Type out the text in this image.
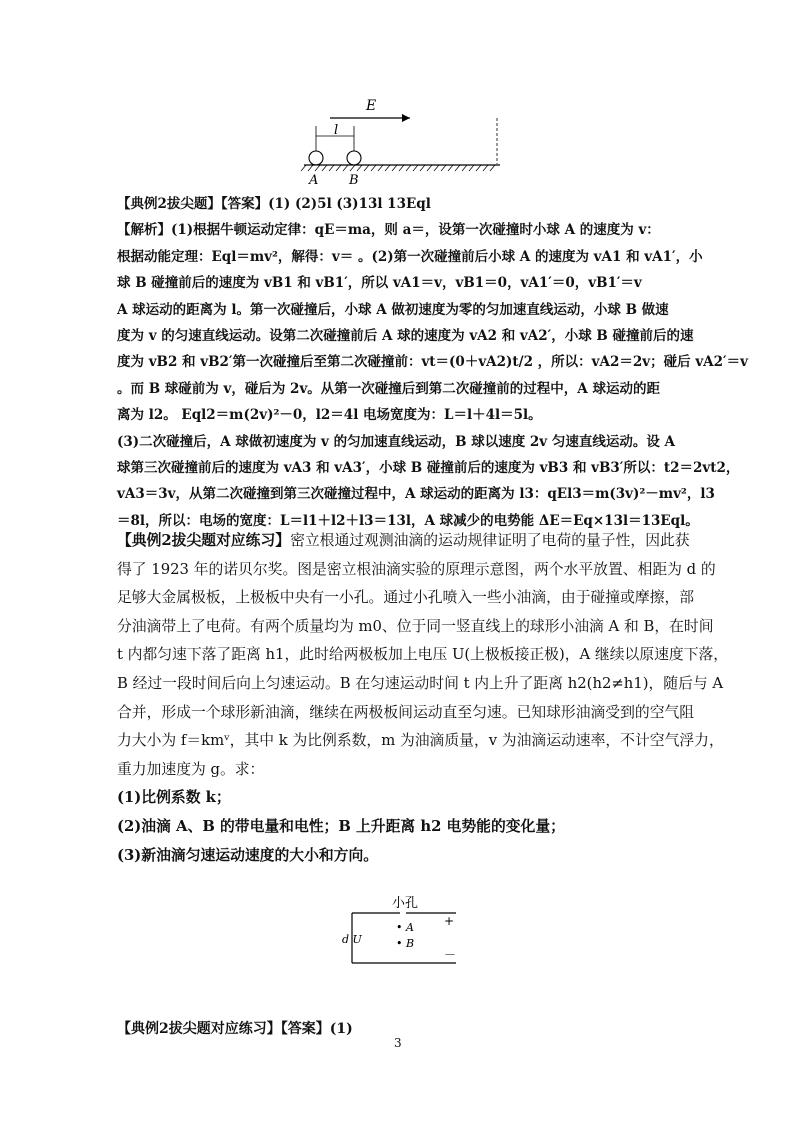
E
l
A B

【典例2拔尖题】【答案】(1) (2)5l (3)13l 13Eql

【解析】(1)根据牛顿运动定律：qE＝ma，则 a＝，设第一次碰撞时小球 A 的速度为 v：

根据动能定理：Eql＝mv²，解得：v＝ 。(2)第一次碰撞前后小球 A 的速度为 vA1 和 vA1′，小

球 B 碰撞前后的速度为 vB1 和 vB1′，所以 vA1＝v，vB1＝0，vA1′＝0，vB1′＝v

A 球运动的距离为 l。第一次碰撞后，小球 A 做初速度为零的匀加速直线运动，小球 B 做速

度为 v 的匀速直线运动。设第二次碰撞前后 A 球的速度为 vA2 和 vA2′，小球 B 碰撞前后的速

度为 vB2 和 vB2′第一次碰撞后至第二次碰撞前：vt＝(0＋vA2)t/2 ，所以：vA2＝2v；碰后 vA2′＝v

。而 B 球碰前为 v，碰后为 2v。从第一次碰撞后到第二次碰撞前的过程中，A 球运动的距

离为 l2。 Eql2＝m(2v)²－0，l2＝4l 电场宽度为：L＝l＋4l＝5l。

(3)二次碰撞后，A 球做初速度为 v 的匀加速直线运动，B 球以速度 2v 匀速直线运动。设 A

球第三次碰撞前后的速度为 vA3 和 vA3′，小球 B 碰撞前后的速度为 vB3 和 vB3′所以：t2＝2vt2，

vA3＝3v，从第二次碰撞到第三次碰撞过程中，A 球运动的距离为 l3：qEl3＝m(3v)²－mv²，l3

＝8l，所以：电场的宽度：L＝l1＋l2＋l3＝13l，A 球减少的电势能 ΔE＝Eq×13l＝13Eql。

【典例2拔尖题对应练习】密立根通过观测油滴的运动规律证明了电荷的量子性，因此获

得了 1923 年的诺贝尔奖。图是密立根油滴实验的原理示意图，两个水平放置、相距为 d 的

足够大金属极板，上极板中央有一小孔。通过小孔喷入一些小油滴，由于碰撞或摩擦，部

分油滴带上了电荷。有两个质量均为 m0、位于同一竖直线上的球形小油滴 A 和 B，在时间

t 内都匀速下落了距离 h1，此时给两极板加上电压 U(上极板接正极)，A 继续以原速度下落，

B 经过一段时间后向上匀速运动。B 在匀速运动时间 t 内上升了距离 h2(h2≠h1)，随后与 A

合并，形成一个球形新油滴，继续在两极板间运动直至匀速。已知球形油滴受到的空气阻

力大小为 f＝kmᵛ，其中 k 为比例系数，m 为油滴质量，v 为油滴运动速率，不计空气浮力，

重力加速度为 g。求：

(1)比例系数 k；

(2)油滴 A、B 的带电量和电性；B 上升距离 h2 电势能的变化量；

(3)新油滴匀速运动速度的大小和方向。

小孔
+
－
d U
• A
• B
【典例2拔尖题对应练习】【答案】(1)
3
